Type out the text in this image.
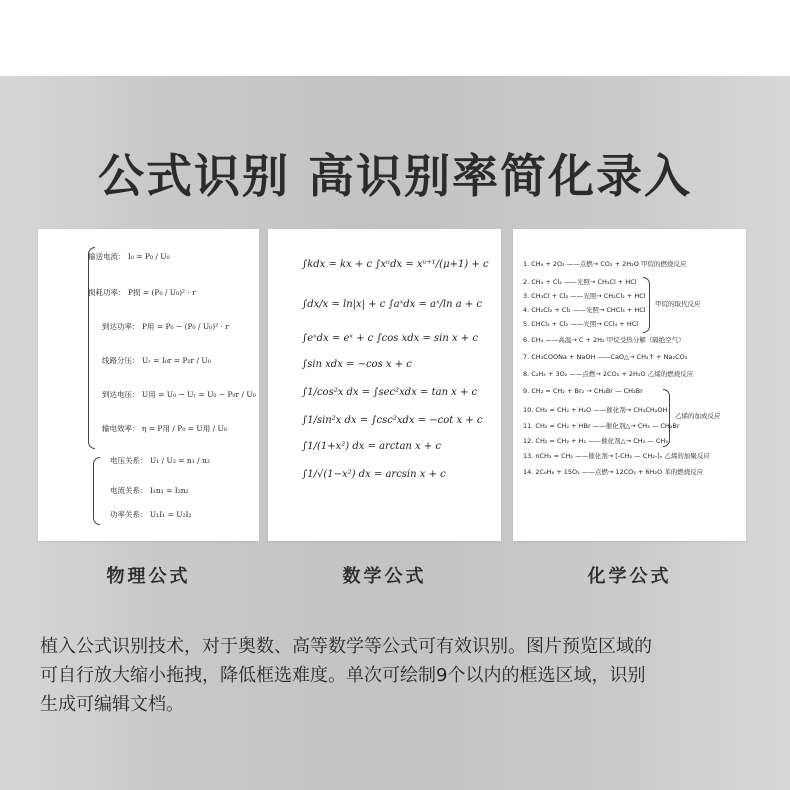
公式识别 高识别率简化录入
输送电流： I₀ = P₀ / U₀
损耗功率： P损 = (P₀ / U₀)² · r
到达功率： P用 = P₀ − (P₀ / U₀)² · r
线路分压： Uᵣ = I₀r = P₀r / U₀
到达电压： U用 = U₀ − Uᵣ = U₀ − P₀r / U₀
输电效率： η = P用 / P₀ = U用 / U₀
电压关系： U₁ / U₂ = n₁ / n₂
电流关系： I₁n₁ = I₂n₂
功率关系： U₁I₁ = U₂I₂
∫kdx = kx + c ∫xᵘdx = xᵘ⁺¹/(μ+1) + c
∫dx/x = ln|x| + c ∫aˣdx = aˣ/ln a + c
∫eˣdx = eˣ + c ∫cos xdx = sin x + c
∫sin xdx = −cos x + c
∫1/cos²x dx = ∫sec²xdx = tan x + c
∫1/sin²x dx = ∫csc²xdx = −cot x + c
∫1/(1+x²) dx = arctan x + c
∫1/√(1−x²) dx = arcsin x + c
甲烷的取代反应
乙烯的加成反应
1. CH₄ + 2O₂ ——点燃→ CO₂ + 2H₂O 甲烷的燃烧反应
2. CH₄ + Cl₂ ——光照→ CH₃Cl + HCl
3. CH₃Cl + Cl₂ ——光照→ CH₂Cl₂ + HCl
4. CH₂Cl₂ + Cl₂ ——光照→ CHCl₃ + HCl
5. CHCl₃ + Cl₂ ——光照→ CCl₄ + HCl
6. CH₄ ——高温→ C + 2H₂ 甲烷受热分解（隔绝空气）
7. CH₃COONa + NaOH ——CaO△→ CH₄↑ + Na₂CO₃
8. C₂H₄ + 3O₂ ——点燃→ 2CO₂ + 2H₂O 乙烯的燃烧反应
9. CH₂ = CH₂ + Br₂ → CH₂Br — CH₂Br
10. CH₂ = CH₂ + H₂O ——催化剂→ CH₃CH₂OH
11. CH₂ = CH₂ + HBr ——催化剂△→ CH₃ — CH₂Br
12. CH₂ = CH₂ + H₂ ——催化剂△→ CH₃ — CH₃
13. nCH₂ = CH₂ ——催化剂→ [-CH₂ — CH₂-]ₙ 乙烯的加聚反应
14. 2C₆H₆ + 15O₂ ——点燃→ 12CO₂ + 6H₂O 苯的燃烧反应
物理公式	数学公式	化学公式
植入公式识别技术，对于奥数、高等数学等公式可有效识别。图片预览区域的
可自行放大缩小拖拽，降低框选难度。单次可绘制9个以内的框选区域，识别
生成可编辑文档。
